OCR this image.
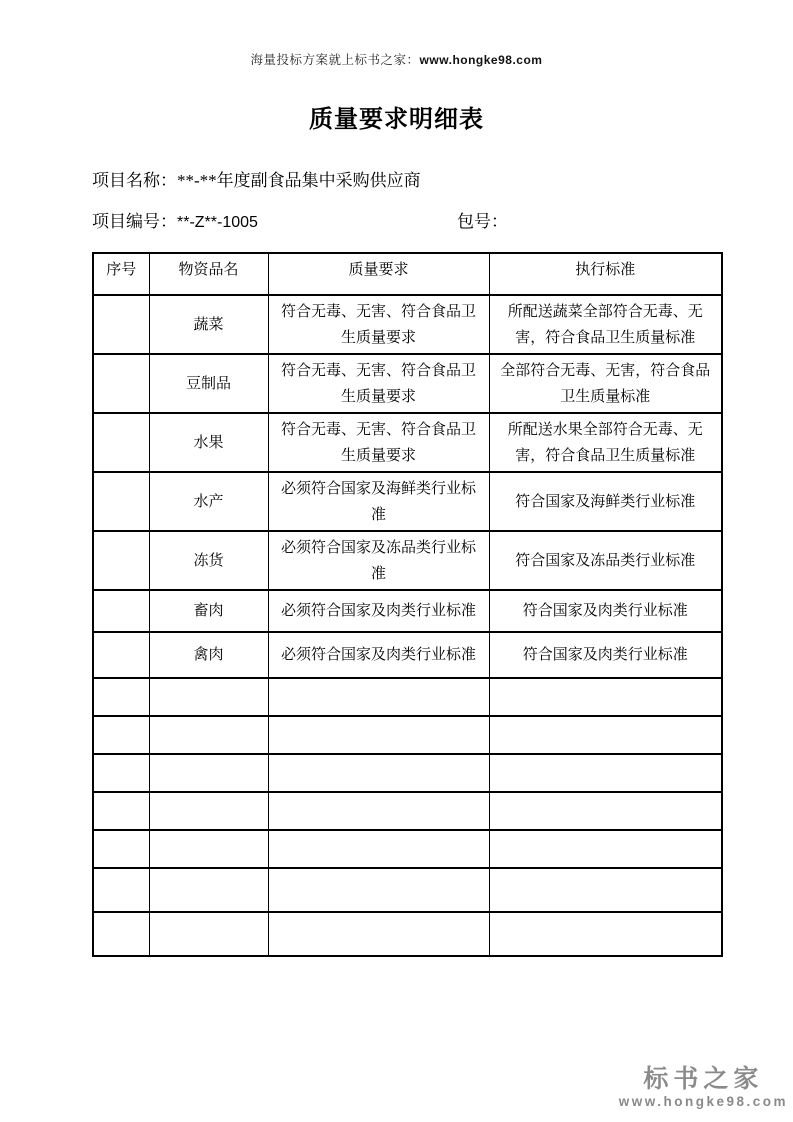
海量投标方案就上标书之家：www.hongke98.com
质量要求明细表
项目名称：**-**年度副食品集中采购供应商
项目编号：**-Z**-1005	包号：
序号	物资品名	质量要求	执行标准
	蔬菜	符合无毒、无害、符合食品卫生质量要求	所配送蔬菜全部符合无毒、无害，符合食品卫生质量标准
	豆制品	符合无毒、无害、符合食品卫生质量要求	全部符合无毒、无害，符合食品卫生质量标准
	水果	符合无毒、无害、符合食品卫生质量要求	所配送水果全部符合无毒、无害，符合食品卫生质量标准
	水产	必须符合国家及海鲜类行业标准	符合国家及海鲜类行业标准
	冻货	必须符合国家及冻品类行业标准	符合国家及冻品类行业标准
	畜肉	必须符合国家及肉类行业标准	符合国家及肉类行业标准
	禽肉	必须符合国家及肉类行业标准	符合国家及肉类行业标准

标书之家
www.hongke98.com
